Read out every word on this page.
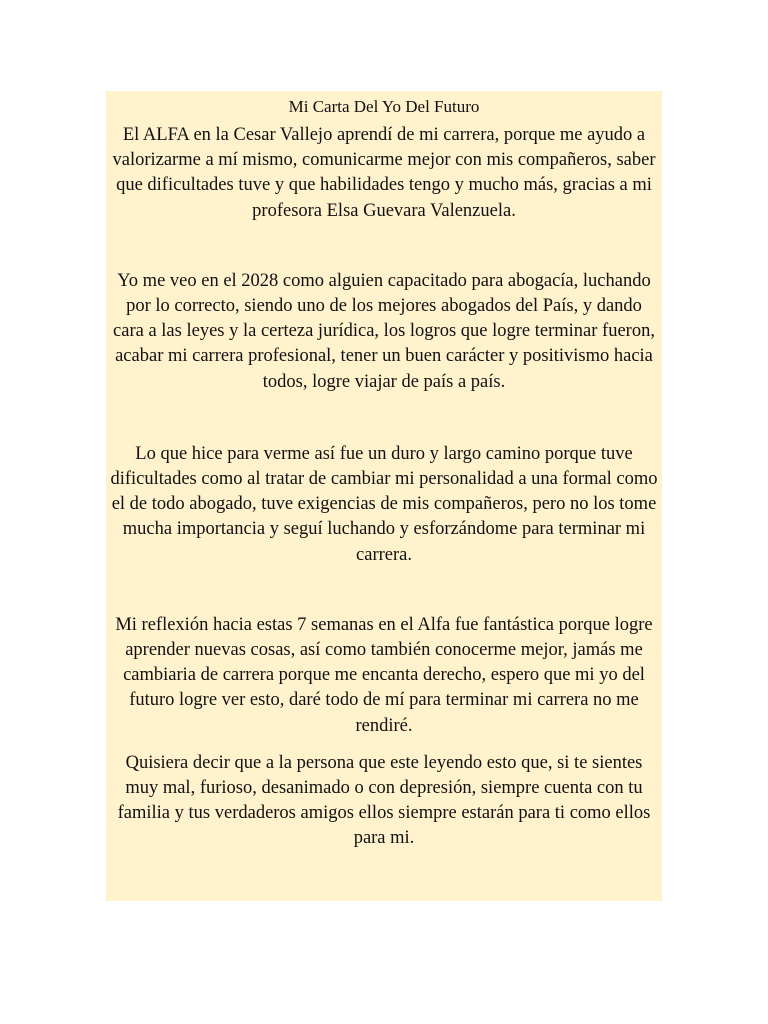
Mi Carta Del Yo Del Futuro

El ALFA en la Cesar Vallejo aprendí de mi carrera, porque me ayudo a valorizarme a mí mismo, comunicarme mejor con mis compañeros, saber que dificultades tuve y que habilidades tengo y mucho más, gracias a mi profesora Elsa Guevara Valenzuela.

Yo me veo en el 2028 como alguien capacitado para abogacía, luchando por lo correcto, siendo uno de los mejores abogados del País, y dando cara a las leyes y la certeza jurídica, los logros que logre terminar fueron, acabar mi carrera profesional, tener un buen carácter y positivismo hacia todos, logre viajar de país a país.

Lo que hice para verme así fue un duro y largo camino porque tuve dificultades como al tratar de cambiar mi personalidad a una formal como el de todo abogado, tuve exigencias de mis compañeros, pero no los tome mucha importancia y seguí luchando y esforzándome para terminar mi carrera.

Mi reflexión hacia estas 7 semanas en el Alfa fue fantástica porque logre aprender nuevas cosas, así como también conocerme mejor, jamás me cambiaria de carrera porque me encanta derecho, espero que mi yo del futuro logre ver esto, daré todo de mí para terminar mi carrera no me rendiré.

Quisiera decir que a la persona que este leyendo esto que, si te sientes muy mal, furioso, desanimado o con depresión, siempre cuenta con tu familia y tus verdaderos amigos ellos siempre estarán para ti como ellos para mi.
